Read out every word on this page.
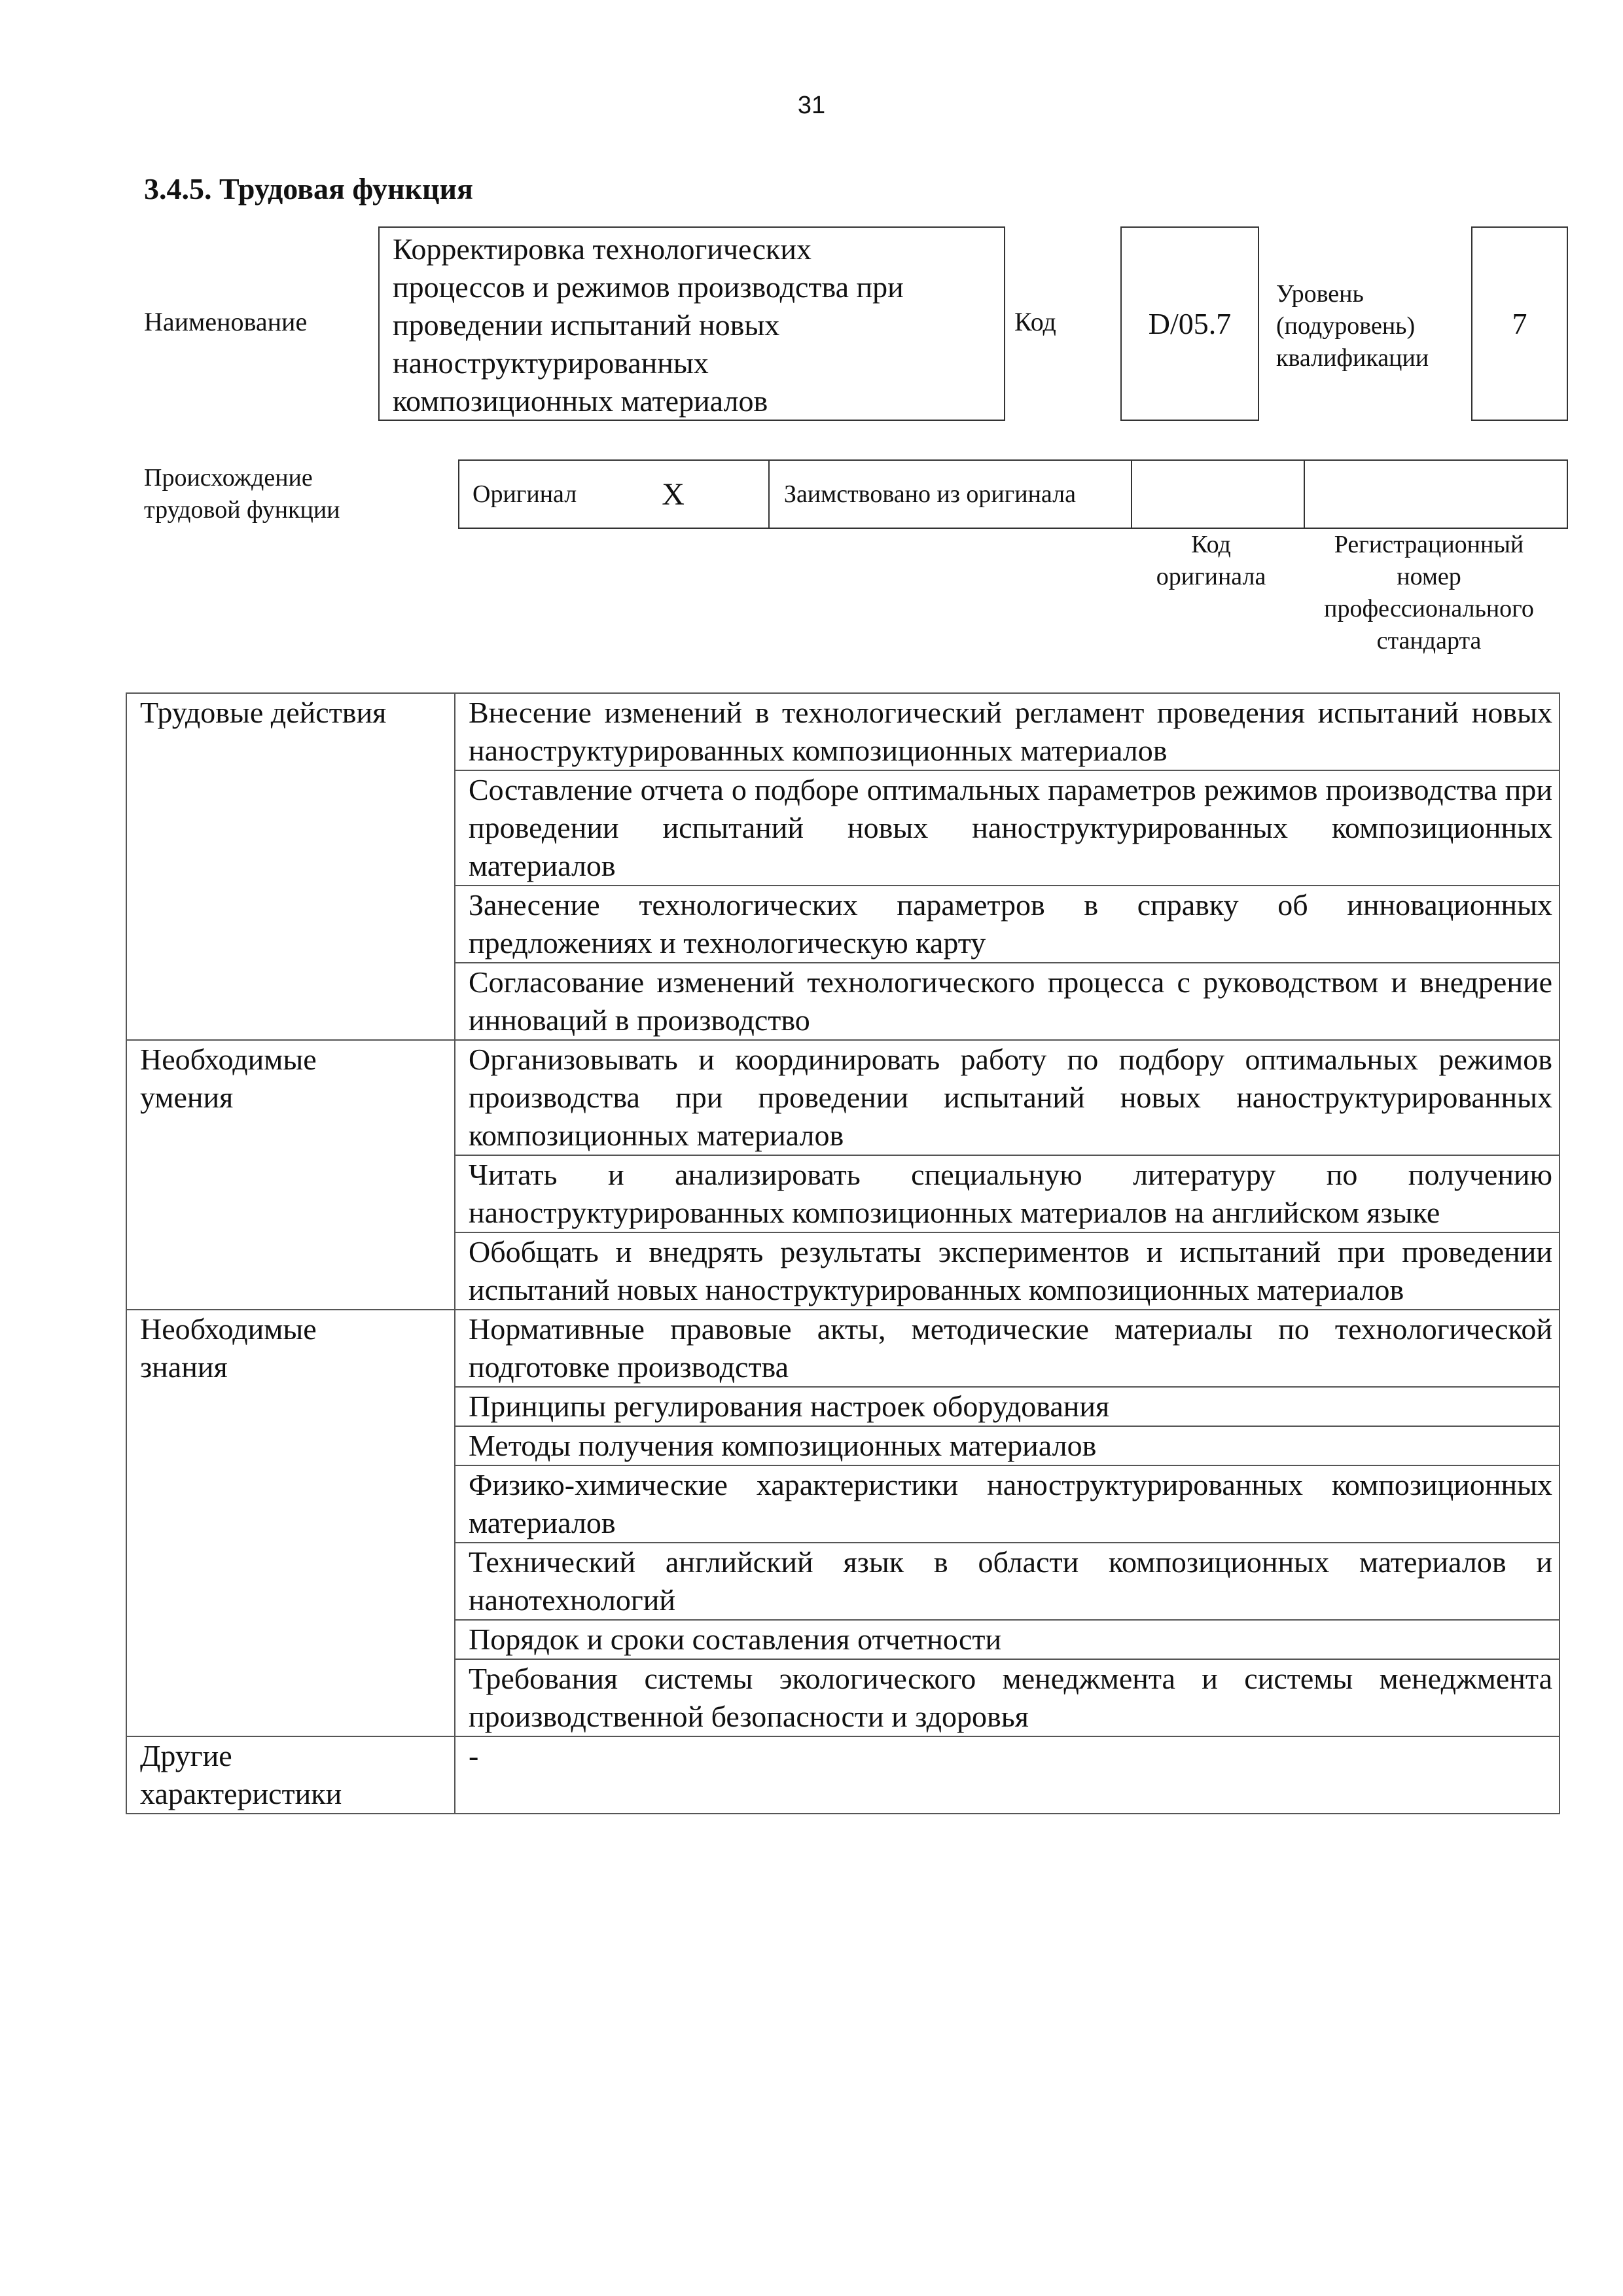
31
3.4.5. Трудовая функция
Наименование
Корректировка технологических
процессов и режимов производства при
проведении испытаний новых
наноструктурированных
композиционных материалов
Код	D/05.7
Уровень
(подуровень)
квалификации
7
Происхождение
трудовой функции
Оригинал	X	Заимствовано из оригинала
Код
оригинала
Регистрационный
номер
профессионального
стандарта
Трудовые действия	Внесение изменений в технологический регламент проведения испытаний новых наноструктурированных композиционных материалов
	Составление отчета о подборе оптимальных параметров режимов производства при проведении испытаний новых наноструктурированных композиционных материалов
	Занесение технологических параметров в справку об инновационных предложениях и технологическую карту
	Согласование изменений технологического процесса с руководством и внедрение инноваций в производство

Необходимые
умения	Организовывать и координировать работу по подбору оптимальных режимов производства при проведении испытаний новых наноструктурированных композиционных материалов
	Читать и анализировать специальную литературу по получению наноструктурированных композиционных материалов на английском языке
	Обобщать и внедрять результаты экспериментов и испытаний при проведении испытаний новых наноструктурированных композиционных материалов

Необходимые
знания	Нормативные правовые акты, методические материалы по технологической подготовке производства
	Принципы регулирования настроек оборудования
	Методы получения композиционных материалов
	Физико-химические характеристики наноструктурированных композиционных материалов
	Технический английский язык в области композиционных материалов и нанотехнологий
	Порядок и сроки составления отчетности
	Требования системы экологического менеджмента и системы менеджмента производственной безопасности и здоровья

Другие
характеристики	-
